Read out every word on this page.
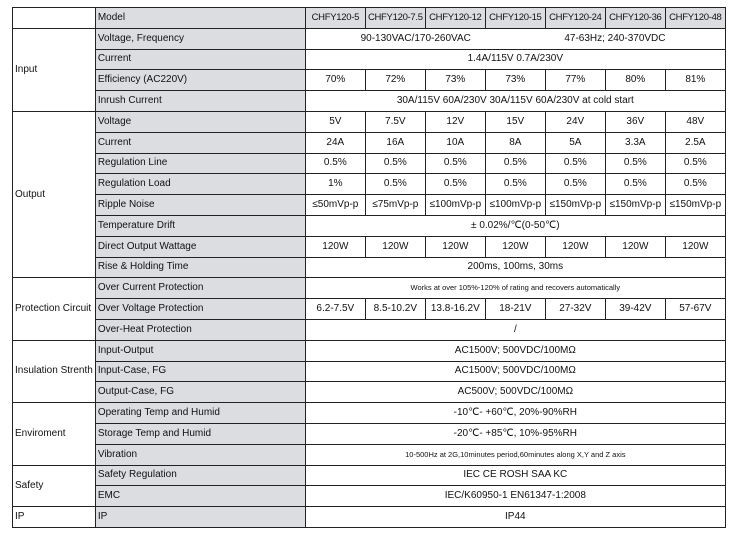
	Model	CHFY120-5	CHFY120-7.5	CHFY120-12	CHFY120-15	CHFY120-24	CHFY120-36	CHFY120-48
Input	Voltage, Frequency	90-130VAC/170-260VAC 47-63Hz; 240-370VDC						
	Current	1.4A/115V 0.7A/230V						
	Efficiency (AC220V)	70%	72%	73%	73%	77%	80%	81%
	Inrush Current	30A/115V 60A/230V 30A/115V 60A/230V at cold start						
Output	Voltage	5V	7.5V	12V	15V	24V	36V	48V
	Current	24A	16A	10A	8A	5A	3.3A	2.5A
	Regulation Line	0.5%	0.5%	0.5%	0.5%	0.5%	0.5%	0.5%
	Regulation Load	1%	0.5%	0.5%	0.5%	0.5%	0.5%	0.5%
	Ripple Noise	≤50mVp-p	≤75mVp-p	≤100mVp-p	≤100mVp-p	≤150mVp-p	≤150mVp-p	≤150mVp-p
	Temperature Drift	± 0.02%/℃(0-50℃)						
	Direct Output Wattage	120W	120W	120W	120W	120W	120W	120W
	Rise & Holding Time	200ms, 100ms, 30ms						
Protection Circuit	Over Current Protection	Works at over 105%-120% of rating and recovers automatically						
	Over Voltage Protection	6.2-7.5V	8.5-10.2V	13.8-16.2V	18-21V	27-32V	39-42V	57-67V
	Over-Heat Protection	/						
Insulation Strenth	Input-Output	AC1500V; 500VDC/100MΩ						
	Input-Case, FG	AC1500V; 500VDC/100MΩ						
	Output-Case, FG	AC500V; 500VDC/100MΩ						
Enviroment	Operating Temp and Humid	-10℃- +60℃, 20%-90%RH						
	Storage Temp and Humid	-20℃- +85℃, 10%-95%RH						
	Vibration	10-500Hz at 2G,10minutes period,60minutes along X,Y and Z axis						
Safety	Safety Regulation	IEC CE ROSH SAA KC						
	EMC	IEC/K60950-1 EN61347-1:2008						
IP	IP	IP44						
